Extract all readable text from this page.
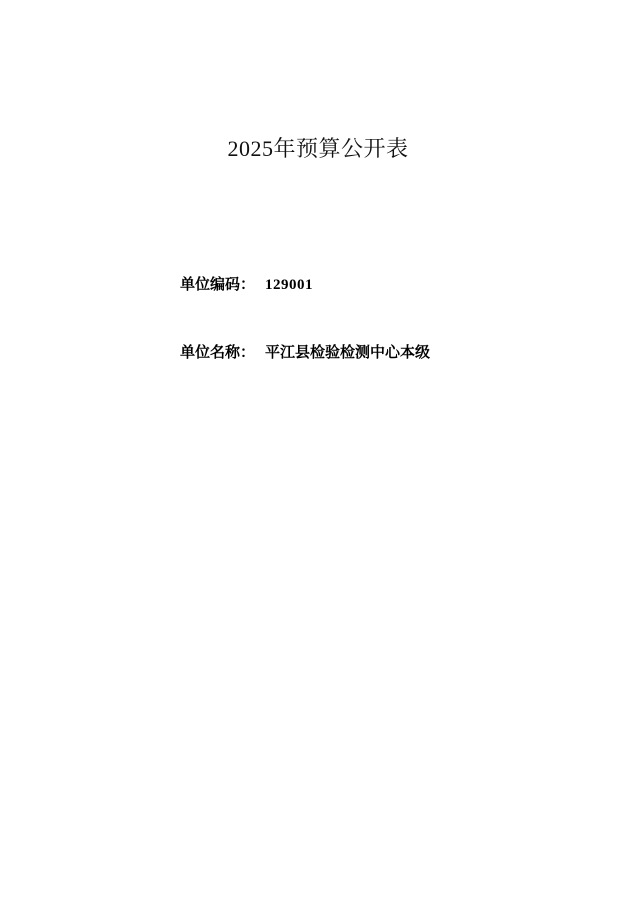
2025年预算公开表
单位编码： 129001
单位名称： 平江县检验检测中心本级
